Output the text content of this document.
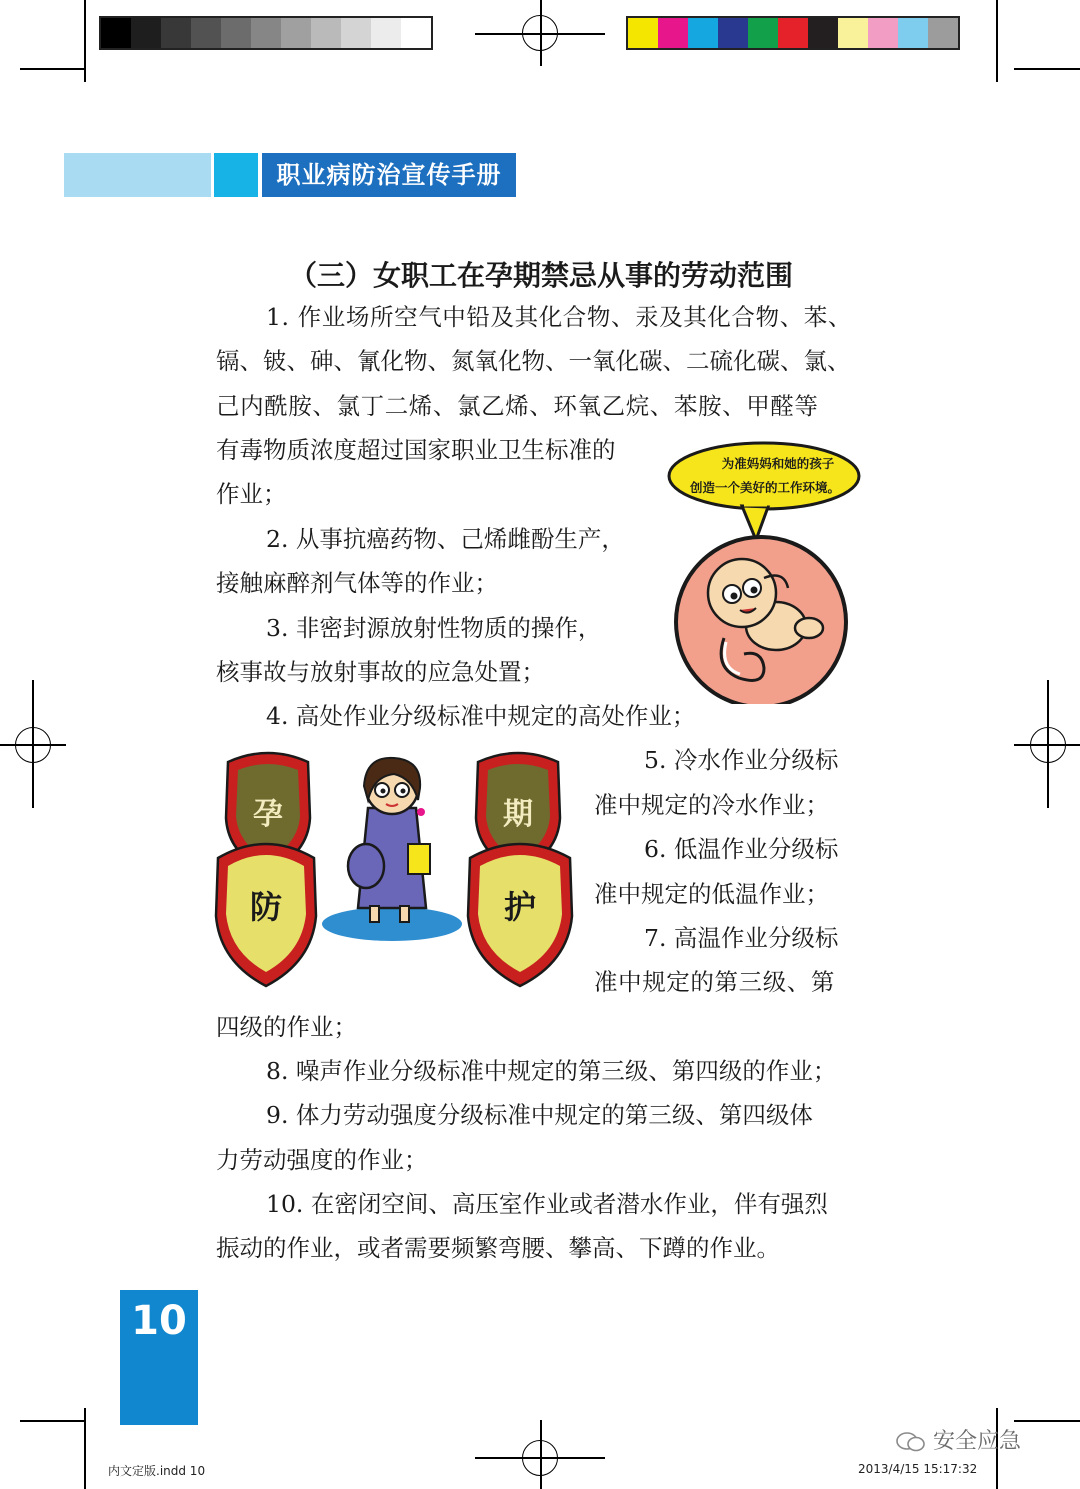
职业病防治宣传手册
（三）女职工在孕期禁忌从事的劳动范围
1. 作业场所空气中铅及其化合物、汞及其化合物、苯、
镉、铍、砷、氰化物、氮氧化物、一氧化碳、二硫化碳、氯、
己内酰胺、氯丁二烯、氯乙烯、环氧乙烷、苯胺、甲醛等
有毒物质浓度超过国家职业卫生标准的
作业；
2. 从事抗癌药物、己烯雌酚生产，
接触麻醉剂气体等的作业；
3. 非密封源放射性物质的操作，
核事故与放射事故的应急处置；
4. 高处作业分级标准中规定的高处作业；
5. 冷水作业分级标
准中规定的冷水作业；
6. 低温作业分级标
准中规定的低温作业；
7. 高温作业分级标
准中规定的第三级、第
四级的作业；
8. 噪声作业分级标准中规定的第三级、第四级的作业；
9. 体力劳动强度分级标准中规定的第三级、第四级体
力劳动强度的作业；
10. 在密闭空间、高压室作业或者潜水作业，伴有强烈
振动的作业，或者需要频繁弯腰、攀高、下蹲的作业。
为准妈妈和她的孩子
创造一个美好的工作环境。
孕
防
期
护
10
安全应急
内文定版.indd 10	2013/4/15 15:17:32
